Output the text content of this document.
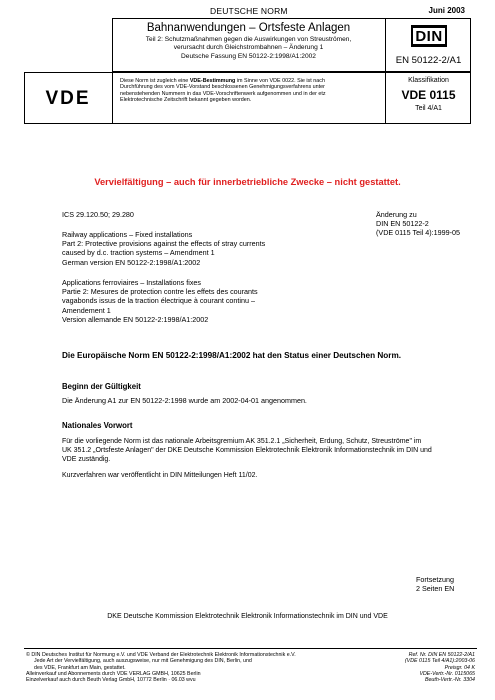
DEUTSCHE NORM	Juni 2003
Bahnanwendungen – Ortsfeste Anlagen
Teil 2: Schutzmaßnahmen gegen die Auswirkungen von Streuströmen,
verursacht durch Gleichstrombahnen – Änderung 1
Deutsche Fassung EN 50122-2:1998/A1:2002
DIN
EN 50122-2/A1
VDE
Diese Norm ist zugleich eine VDE-Bestimmung im Sinne von VDE 0022. Sie ist nach
Durchführung des vom VDE-Vorstand beschlossenen Genehmigungsverfahrens unter
nebenstehenden Nummern in das VDE-Vorschriftenwerk aufgenommen und in der etz
Elektrotechnische Zeitschrift bekannt gegeben worden.
Klassifikation
VDE 0115
Teil 4/A1
Vervielfältigung – auch für innerbetriebliche Zwecke – nicht gestattet.
ICS 29.120.50; 29.280	Änderung zu
DIN EN 50122-2
(VDE 0115 Teil 4):1999-05
Railway applications – Fixed installations
Part 2: Protective provisions against the effects of stray currents
caused by d.c. traction systems – Amendment 1
German version EN 50122-2:1998/A1:2002
Applications ferroviaires – Installations fixes
Partie 2: Mesures de protection contre les effets des courants
vagabonds issus de la traction électrique à courant continu –
Amendement 1
Version allemande EN 50122-2:1998/A1:2002
Die Europäische Norm EN 50122-2:1998/A1:2002 hat den Status einer Deutschen Norm.
Beginn der Gültigkeit
Die Änderung A1 zur EN 50122-2:1998 wurde am 2002-04-01 angenommen.
Nationales Vorwort
Für die vorliegende Norm ist das nationale Arbeitsgremium AK 351.2.1 „Sicherheit, Erdung, Schutz, Streuströme" im
UK 351.2 „Ortsfeste Anlagen" der DKE Deutsche Kommission Elektrotechnik Elektronik Informationstechnik im DIN und
VDE zuständig.
Kurzverfahren war veröffentlicht in DIN Mitteilungen Heft 11/02.
Fortsetzung
2 Seiten EN
DKE Deutsche Kommission Elektrotechnik Elektronik Informationstechnik im DIN und VDE
© DIN Deutsches Institut für Normung e.V. und VDE Verband der Elektrotechnik Elektronik Informationstechnik e.V.
Jede Art der Vervielfältigung, auch auszugsweise, nur mit Genehmigung des DIN, Berlin, und
des VDE, Frankfurt am Main, gestattet.
Alleinverkauf und Abonnements durch VDE VERLAG GMBH, 10625 Berlin
Einzelverkauf auch durch Beuth Verlag GmbH, 10772 Berlin · 06.03 wvu
Ref. Nr. DIN EN 50122-2/A1
(VDE 0115 Teil 4/A1):2003-06
Preisgr. 04 K
VDE-Vertr.-Nr. 0115065
Beuth-Vertr.-Nr. 3304
